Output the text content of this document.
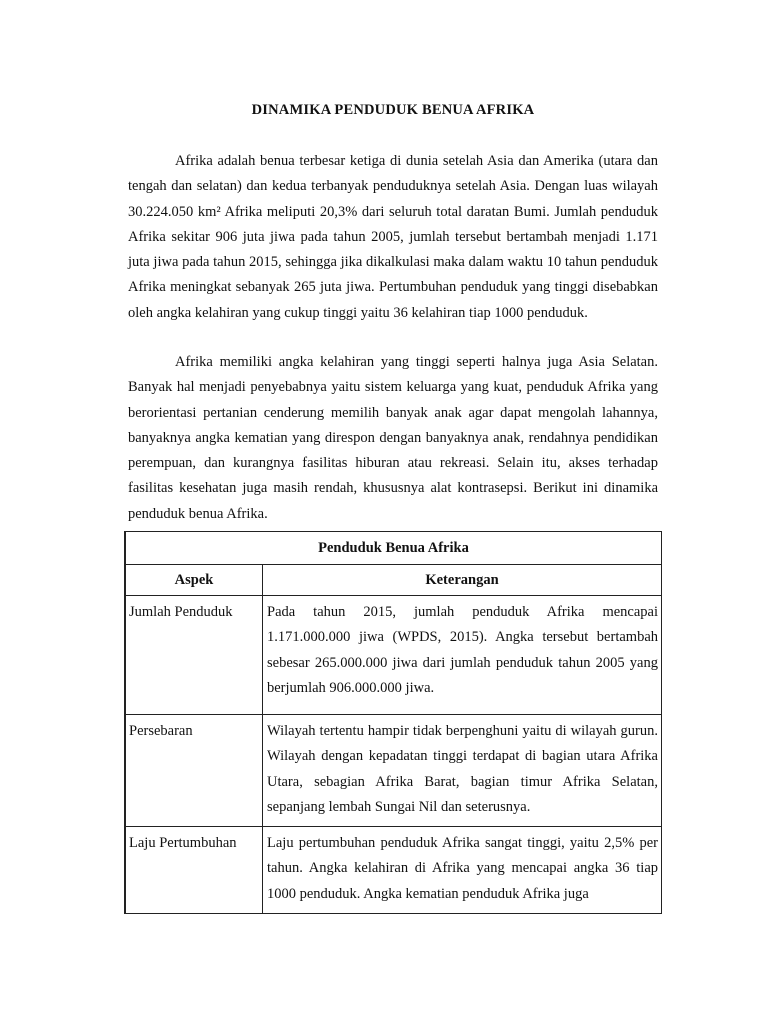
DINAMIKA PENDUDUK BENUA AFRIKA

Afrika adalah benua terbesar ketiga di dunia setelah Asia dan Amerika (utara dan tengah dan selatan) dan kedua terbanyak penduduknya setelah Asia. Dengan luas wilayah 30.224.050 km² Afrika meliputi 20,3% dari seluruh total daratan Bumi. Jumlah penduduk Afrika sekitar 906 juta jiwa pada tahun 2005, jumlah tersebut bertambah menjadi 1.171 juta jiwa pada tahun 2015, sehingga jika dikalkulasi maka dalam waktu 10 tahun penduduk Afrika meningkat sebanyak 265 juta jiwa. Pertumbuhan penduduk yang tinggi disebabkan oleh angka kelahiran yang cukup tinggi yaitu 36 kelahiran tiap 1000 penduduk.

Afrika memiliki angka kelahiran yang tinggi seperti halnya juga Asia Selatan. Banyak hal menjadi penyebabnya yaitu sistem keluarga yang kuat, penduduk Afrika yang berorientasi pertanian cenderung memilih banyak anak agar dapat mengolah lahannya, banyaknya angka kematian yang direspon dengan banyaknya anak, rendahnya pendidikan perempuan, dan kurangnya fasilitas hiburan atau rekreasi. Selain itu, akses terhadap fasilitas kesehatan juga masih rendah, khususnya alat kontrasepsi. Berikut ini dinamika penduduk benua Afrika.

Penduduk Benua Afrika	
Aspek	Keterangan
Jumlah Penduduk	Pada tahun 2015, jumlah penduduk Afrika mencapai 1.171.000.000 jiwa (WPDS, 2015). Angka tersebut bertambah sebesar 265.000.000 jiwa dari jumlah penduduk tahun 2005 yang berjumlah 906.000.000 jiwa.
Persebaran	Wilayah tertentu hampir tidak berpenghuni yaitu di wilayah gurun. Wilayah dengan kepadatan tinggi terdapat di bagian utara Afrika Utara, sebagian Afrika Barat, bagian timur Afrika Selatan, sepanjang lembah Sungai Nil dan seterusnya.
Laju Pertumbuhan	Laju pertumbuhan penduduk Afrika sangat tinggi, yaitu 2,5% per tahun. Angka kelahiran di Afrika yang mencapai angka 36 tiap 1000 penduduk. Angka kematian penduduk Afrika juga
